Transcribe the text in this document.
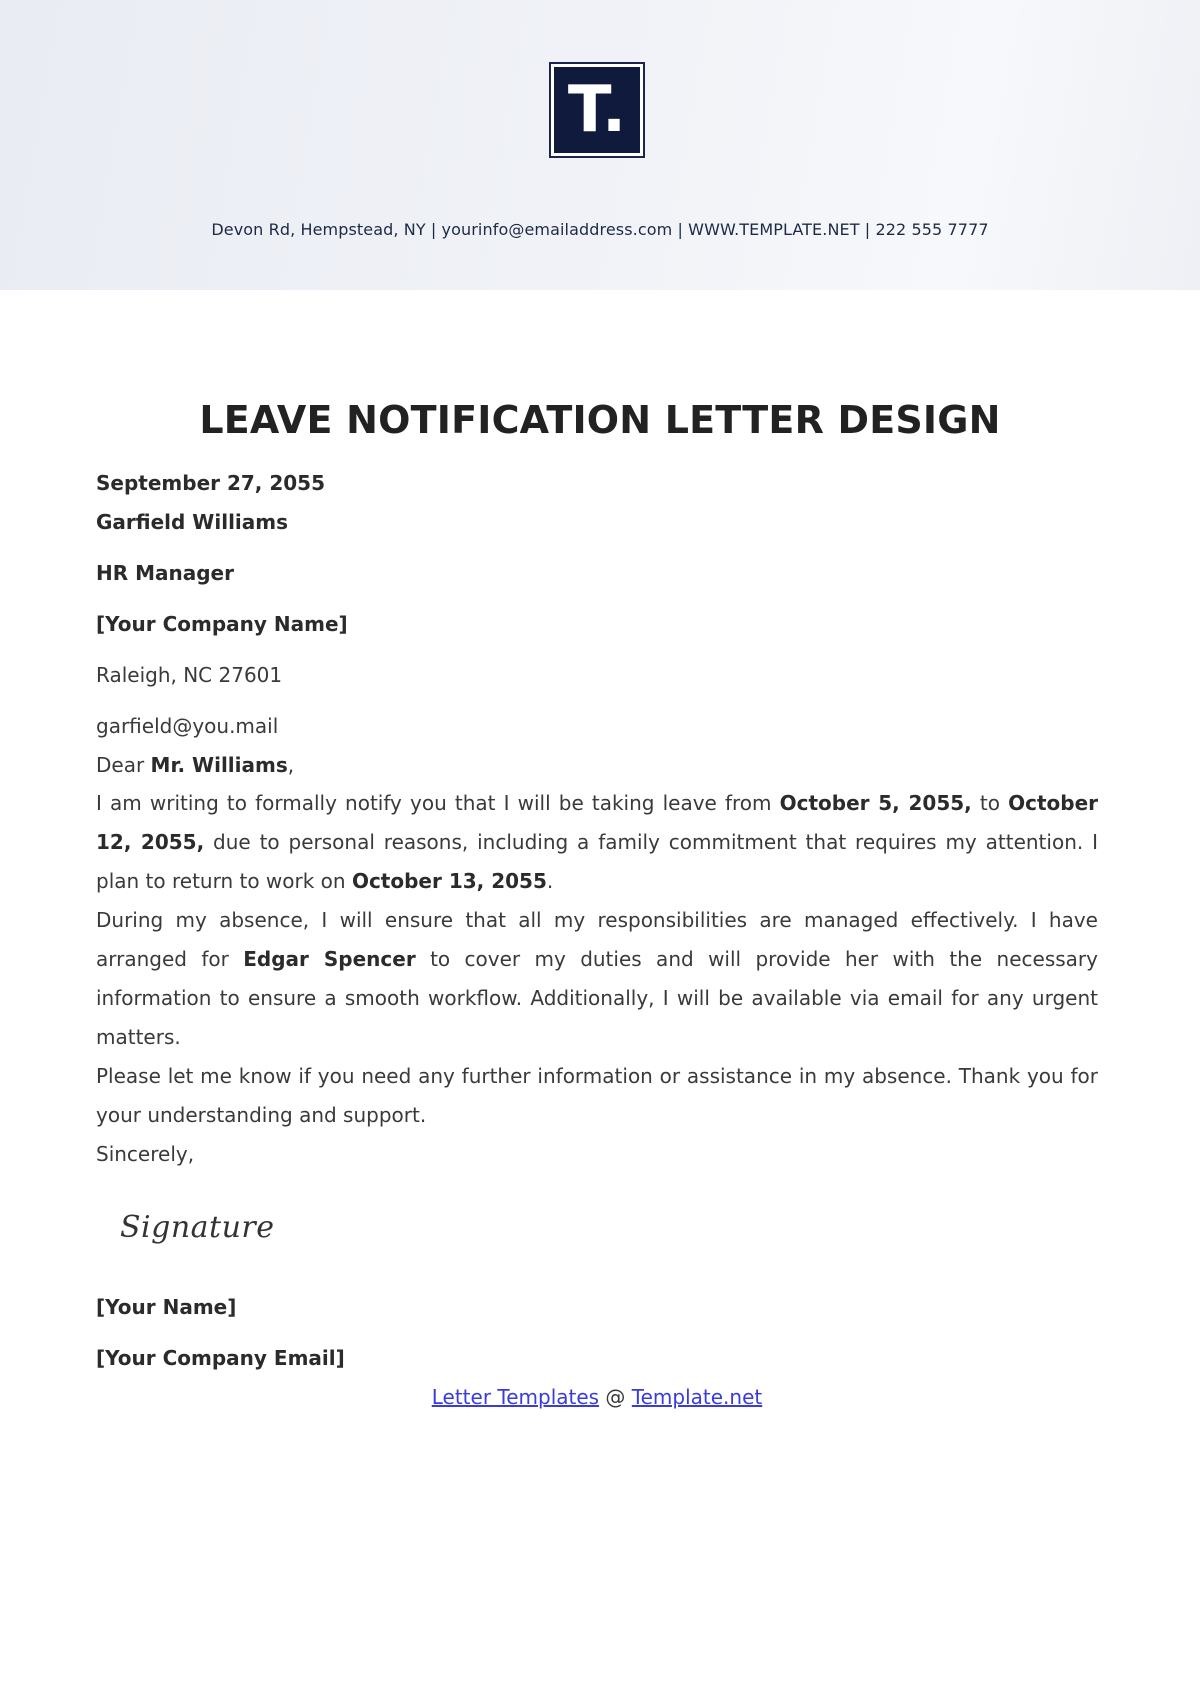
T.
Devon Rd, Hempstead, NY | yourinfo@emailaddress.com | WWW.TEMPLATE.NET | 222 555 7777
LEAVE NOTIFICATION LETTER DESIGN
September 27, 2055
Garfield Williams
HR Manager
[Your Company Name]
Raleigh, NC 27601
garfield@you.mail
Dear Mr. Williams,

I am writing to formally notify you that I will be taking leave from October 5, 2055, to October 12, 2055, due to personal reasons, including a family commitment that requires my attention. I plan to return to work on October 13, 2055.

During my absence, I will ensure that all my responsibilities are managed effectively. I have arranged for Edgar Spencer to cover my duties and will provide her with the necessary information to ensure a smooth workflow. Additionally, I will be available via email for any urgent matters.

Please let me know if you need any further information or assistance in my absence. Thank you for your understanding and support.

Sincerely,
Signature
[Your Name]
[Your Company Email]
Letter Templates @ Template.net
